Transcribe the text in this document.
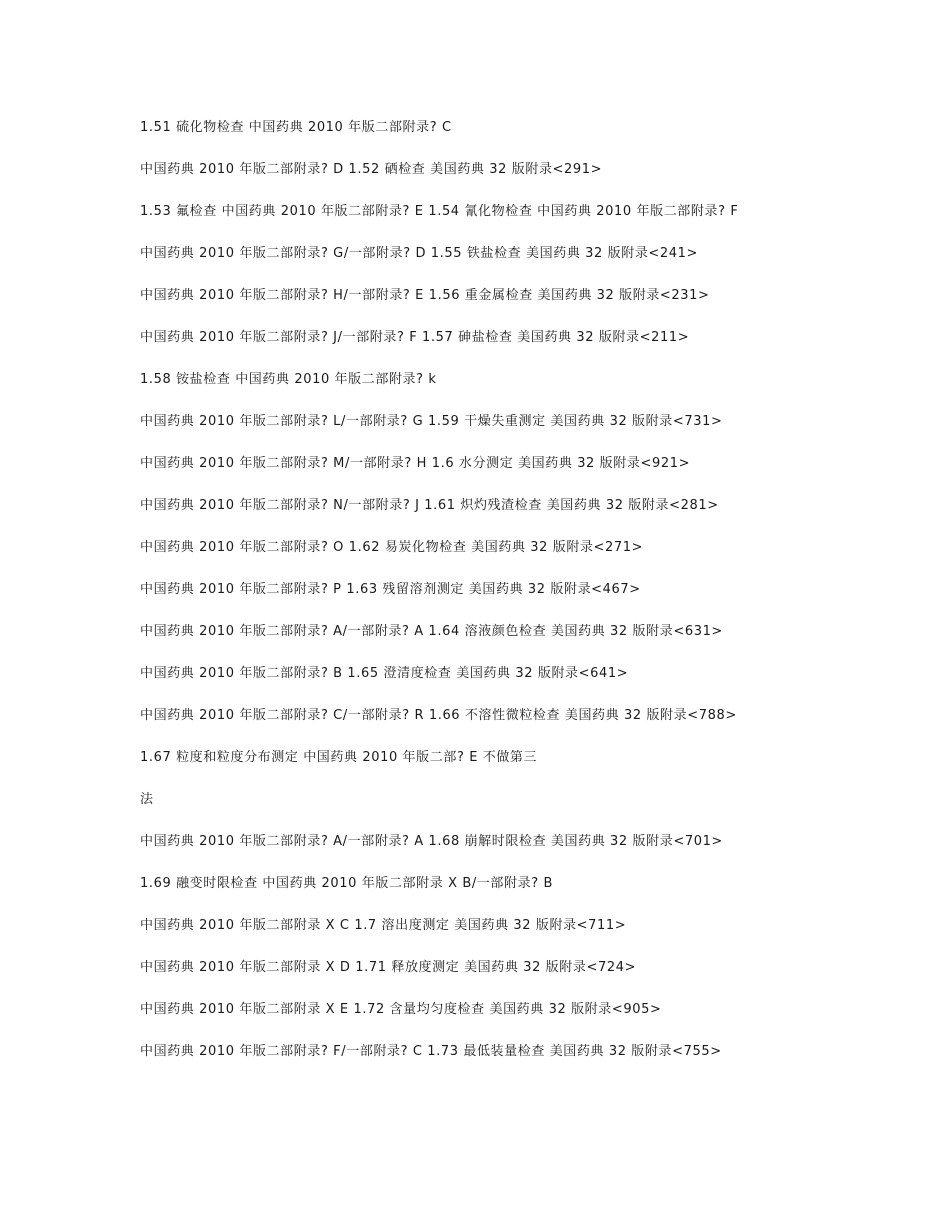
1.51 硫化物检查 中国药典 2010 年版二部附录? C

中国药典 2010 年版二部附录? D 1.52 硒检查 美国药典 32 版附录<291>

1.53 氟检查 中国药典 2010 年版二部附录? E 1.54 氰化物检查 中国药典 2010 年版二部附录? F

中国药典 2010 年版二部附录? G/一部附录? D 1.55 铁盐检查 美国药典 32 版附录<241>

中国药典 2010 年版二部附录? H/一部附录? E 1.56 重金属检查 美国药典 32 版附录<231>

中国药典 2010 年版二部附录? J/一部附录? F 1.57 砷盐检查 美国药典 32 版附录<211>

1.58 铵盐检查 中国药典 2010 年版二部附录? k

中国药典 2010 年版二部附录? L/一部附录? G 1.59 干燥失重测定 美国药典 32 版附录<731>

中国药典 2010 年版二部附录? M/一部附录? H 1.6 水分测定 美国药典 32 版附录<921>

中国药典 2010 年版二部附录? N/一部附录? J 1.61 炽灼残渣检查 美国药典 32 版附录<281>

中国药典 2010 年版二部附录? O 1.62 易炭化物检查 美国药典 32 版附录<271>

中国药典 2010 年版二部附录? P 1.63 残留溶剂测定 美国药典 32 版附录<467>

中国药典 2010 年版二部附录? A/一部附录? A 1.64 溶液颜色检查 美国药典 32 版附录<631>

中国药典 2010 年版二部附录? B 1.65 澄清度检查 美国药典 32 版附录<641>

中国药典 2010 年版二部附录? C/一部附录? R 1.66 不溶性微粒检查 美国药典 32 版附录<788>

1.67 粒度和粒度分布测定 中国药典 2010 年版二部? E 不做第三

法

中国药典 2010 年版二部附录? A/一部附录? A 1.68 崩解时限检查 美国药典 32 版附录<701>

1.69 融变时限检查 中国药典 2010 年版二部附录 X B/一部附录? B

中国药典 2010 年版二部附录 X C 1.7 溶出度测定 美国药典 32 版附录<711>

中国药典 2010 年版二部附录 X D 1.71 释放度测定 美国药典 32 版附录<724>

中国药典 2010 年版二部附录 X E 1.72 含量均匀度检查 美国药典 32 版附录<905>

中国药典 2010 年版二部附录? F/一部附录? C 1.73 最低装量检查 美国药典 32 版附录<755>
